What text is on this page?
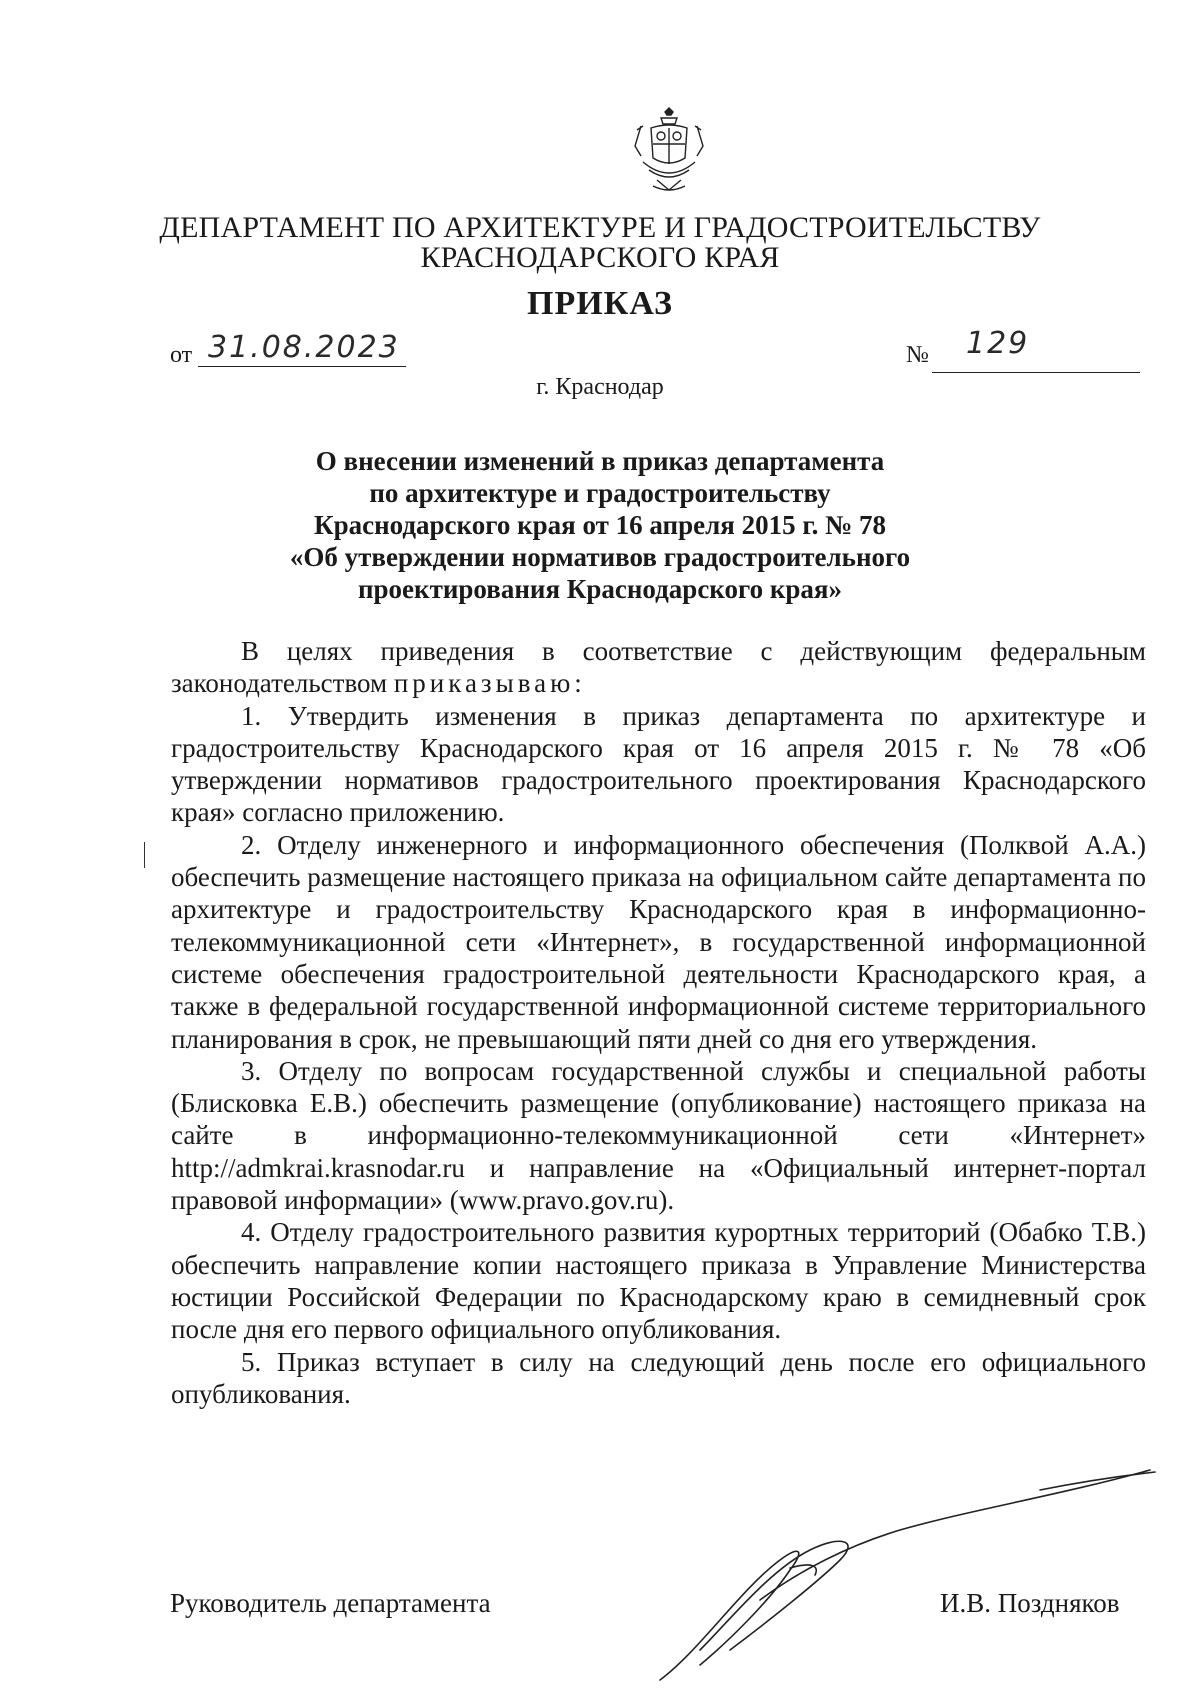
ДЕПАРТАМЕНТ ПО АРХИТЕКТУРЕ И ГРАДОСТРОИТЕЛЬСТВУ
КРАСНОДАРСКОГО КРАЯ
ПРИКАЗ
от 31.08.2023	№ 129
г. Краснодар
О внесении изменений в приказ департамента
по архитектуре и градостроительству
Краснодарского края от 16 апреля 2015 г. № 78
«Об утверждении нормативов градостроительного
проектирования Краснодарского края»

В целях приведения в соответствие с действующим федеральным законодательством приказываю:

1. Утвердить изменения в приказ департамента по архитектуре и градостроительству Краснодарского края от 16 апреля 2015 г. № 78 «Об утверждении нормативов градостроительного проектирования Краснодарского края» согласно приложению.

2. Отделу инженерного и информационного обеспечения (Полквой А.А.) обеспечить размещение настоящего приказа на официальном сайте департамента по архитектуре и градостроительству Краснодарского края в информационно-телекоммуникационной сети «Интернет», в государственной информационной системе обеспечения градостроительной деятельности Краснодарского края, а также в федеральной государственной информационной системе территориального планирования в срок, не превышающий пяти дней со дня его утверждения.

3. Отделу по вопросам государственной службы и специальной работы (Блисковка Е.В.) обеспечить размещение (опубликование) настоящего приказа на сайте в информационно-телекоммуникационной сети «Интернет» http://admkrai.krasnodar.ru и направление на «Официальный интернет-портал правовой информации» (www.pravo.gov.ru).

4. Отделу градостроительного развития курортных территорий (Обабко Т.В.) обеспечить направление копии настоящего приказа в Управление Министерства юстиции Российской Федерации по Краснодарскому краю в семидневный срок после дня его первого официального опубликования.

5. Приказ вступает в силу на следующий день после его официального опубликования.

Руководитель департамента	И.В. Поздняков
